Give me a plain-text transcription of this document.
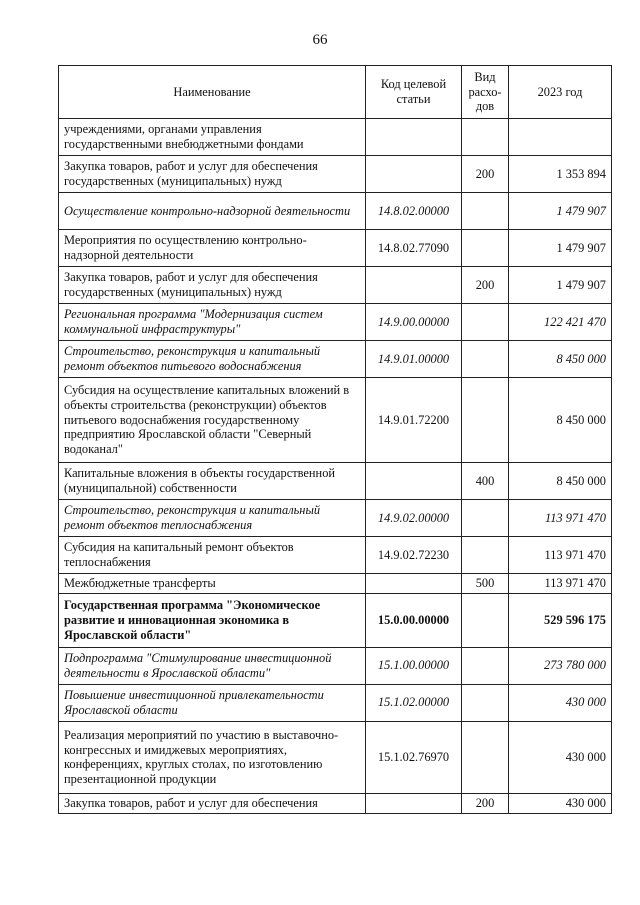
66
Наименование	Код целевой статьи	Вид расхо-дов	2023 год
учреждениями, органами управления государственными внебюджетными фондами			
Закупка товаров, работ и услуг для обеспечения государственных (муниципальных) нужд		200	1 353 894
Осуществление контрольно-надзорной деятельности	14.8.02.00000		1 479 907
Мероприятия по осуществлению контрольно-надзорной деятельности	14.8.02.77090		1 479 907
Закупка товаров, работ и услуг для обеспечения государственных (муниципальных) нужд		200	1 479 907
Региональная программа "Модернизация систем коммунальной инфраструктуры"	14.9.00.00000		122 421 470
Строительство, реконструкция и капитальный ремонт объектов питьевого водоснабжения	14.9.01.00000		8 450 000
Субсидия на осуществление капитальных вложений в объекты строительства (реконструкции) объектов питьевого водоснабжения государственному предприятию Ярославской области "Северный водоканал"	14.9.01.72200		8 450 000
Капитальные вложения в объекты государственной (муниципальной) собственности		400	8 450 000
Строительство, реконструкция и капитальный ремонт объектов теплоснабжения	14.9.02.00000		113 971 470
Субсидия на капитальный ремонт объектов теплоснабжения	14.9.02.72230		113 971 470
Межбюджетные трансферты		500	113 971 470
Государственная программа "Экономическое развитие и инновационная экономика в Ярославской области"	15.0.00.00000		529 596 175
Подпрограмма "Стимулирование инвестиционной деятельности в Ярославской области"	15.1.00.00000		273 780 000
Повышение инвестиционной привлекательности Ярославской области	15.1.02.00000		430 000
Реализация мероприятий по участию в выставочно-конгрессных и имиджевых мероприятиях, конференциях, круглых столах, по изготовлению презентационной продукции	15.1.02.76970		430 000
Закупка товаров, работ и услуг для обеспечения		200	430 000
